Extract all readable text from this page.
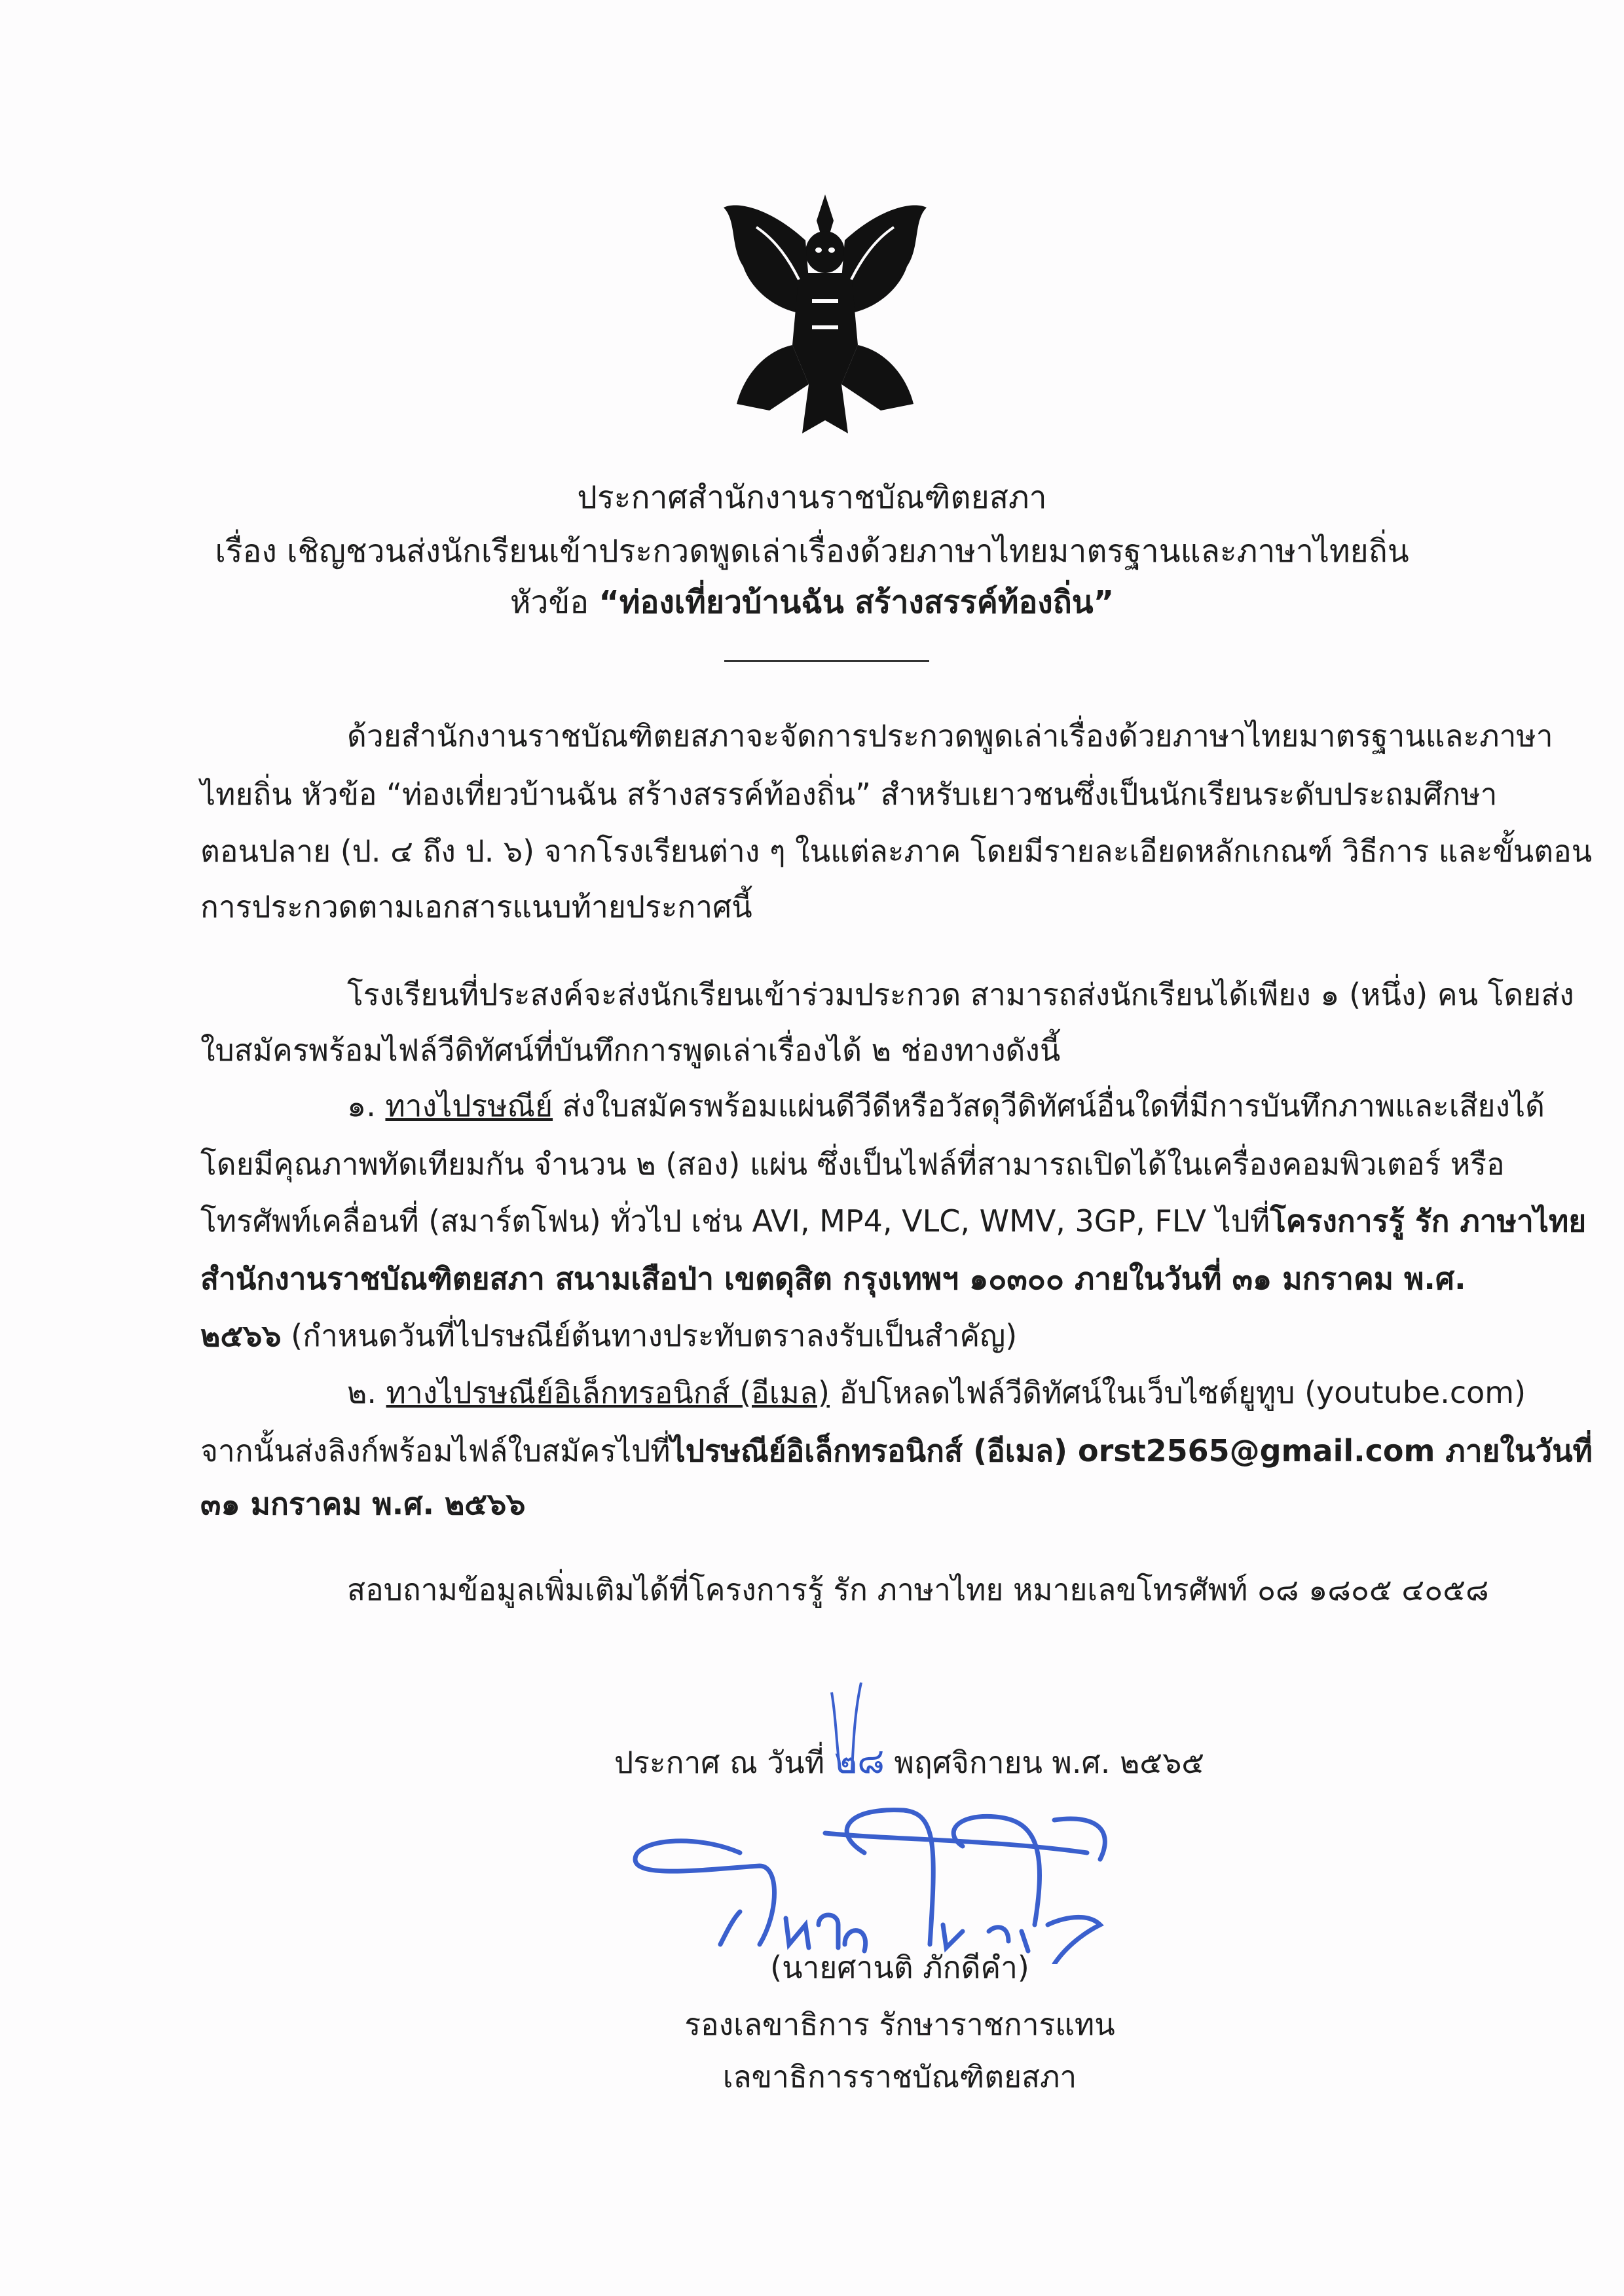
ประกาศสำนักงานราชบัณฑิตยสภา
เรื่อง เชิญชวนส่งนักเรียนเข้าประกวดพูดเล่าเรื่องด้วยภาษาไทยมาตรฐานและภาษาไทยถิ่น
หัวข้อ “ท่องเที่ยวบ้านฉัน สร้างสรรค์ท้องถิ่น”
ด้วยสำนักงานราชบัณฑิตยสภาจะจัดการประกวดพูดเล่าเรื่องด้วยภาษาไทยมาตรฐานและภาษา
ไทยถิ่น หัวข้อ “ท่องเที่ยวบ้านฉัน สร้างสรรค์ท้องถิ่น” สำหรับเยาวชนซึ่งเป็นนักเรียนระดับประถมศึกษา
ตอนปลาย (ป. ๔ ถึง ป. ๖) จากโรงเรียนต่าง ๆ ในแต่ละภาค โดยมีรายละเอียดหลักเกณฑ์ วิธีการ และขั้นตอน
การประกวดตามเอกสารแนบท้ายประกาศนี้
โรงเรียนที่ประสงค์จะส่งนักเรียนเข้าร่วมประกวด สามารถส่งนักเรียนได้เพียง ๑ (หนึ่ง) คน โดยส่ง
ใบสมัครพร้อมไฟล์วีดิทัศน์ที่บันทึกการพูดเล่าเรื่องได้ ๒ ช่องทางดังนี้
๑. ทางไปรษณีย์ ส่งใบสมัครพร้อมแผ่นดีวีดีหรือวัสดุวีดิทัศน์อื่นใดที่มีการบันทึกภาพและเสียงได้
โดยมีคุณภาพทัดเทียมกัน จำนวน ๒ (สอง) แผ่น ซึ่งเป็นไฟล์ที่สามารถเปิดได้ในเครื่องคอมพิวเตอร์ หรือ
โทรศัพท์เคลื่อนที่ (สมาร์ตโฟน) ทั่วไป เช่น AVI, MP4, VLC, WMV, 3GP, FLV ไปที่โครงการรู้ รัก ภาษาไทย
สำนักงานราชบัณฑิตยสภา สนามเสือป่า เขตดุสิต กรุงเทพฯ ๑๐๓๐๐ ภายในวันที่ ๓๑ มกราคม พ.ศ.
๒๕๖๖ (กำหนดวันที่ไปรษณีย์ต้นทางประทับตราลงรับเป็นสำคัญ)
๒. ทางไปรษณีย์อิเล็กทรอนิกส์ (อีเมล) อัปโหลดไฟล์วีดิทัศน์ในเว็บไซต์ยูทูบ (youtube.com)
จากนั้นส่งลิงก์พร้อมไฟล์ใบสมัครไปที่ไปรษณีย์อิเล็กทรอนิกส์ (อีเมล) orst2565@gmail.com ภายในวันที่
๓๑ มกราคม พ.ศ. ๒๕๖๖
สอบถามข้อมูลเพิ่มเติมได้ที่โครงการรู้ รัก ภาษาไทย หมายเลขโทรศัพท์ ๐๘ ๑๘๐๕ ๔๐๕๘
ประกาศ ณ วันที่ ๒๘ พฤศจิกายน พ.ศ. ๒๕๖๕
(นายศานติ ภักดีคำ)
รองเลขาธิการ รักษาราชการแทน
เลขาธิการราชบัณฑิตยสภา
